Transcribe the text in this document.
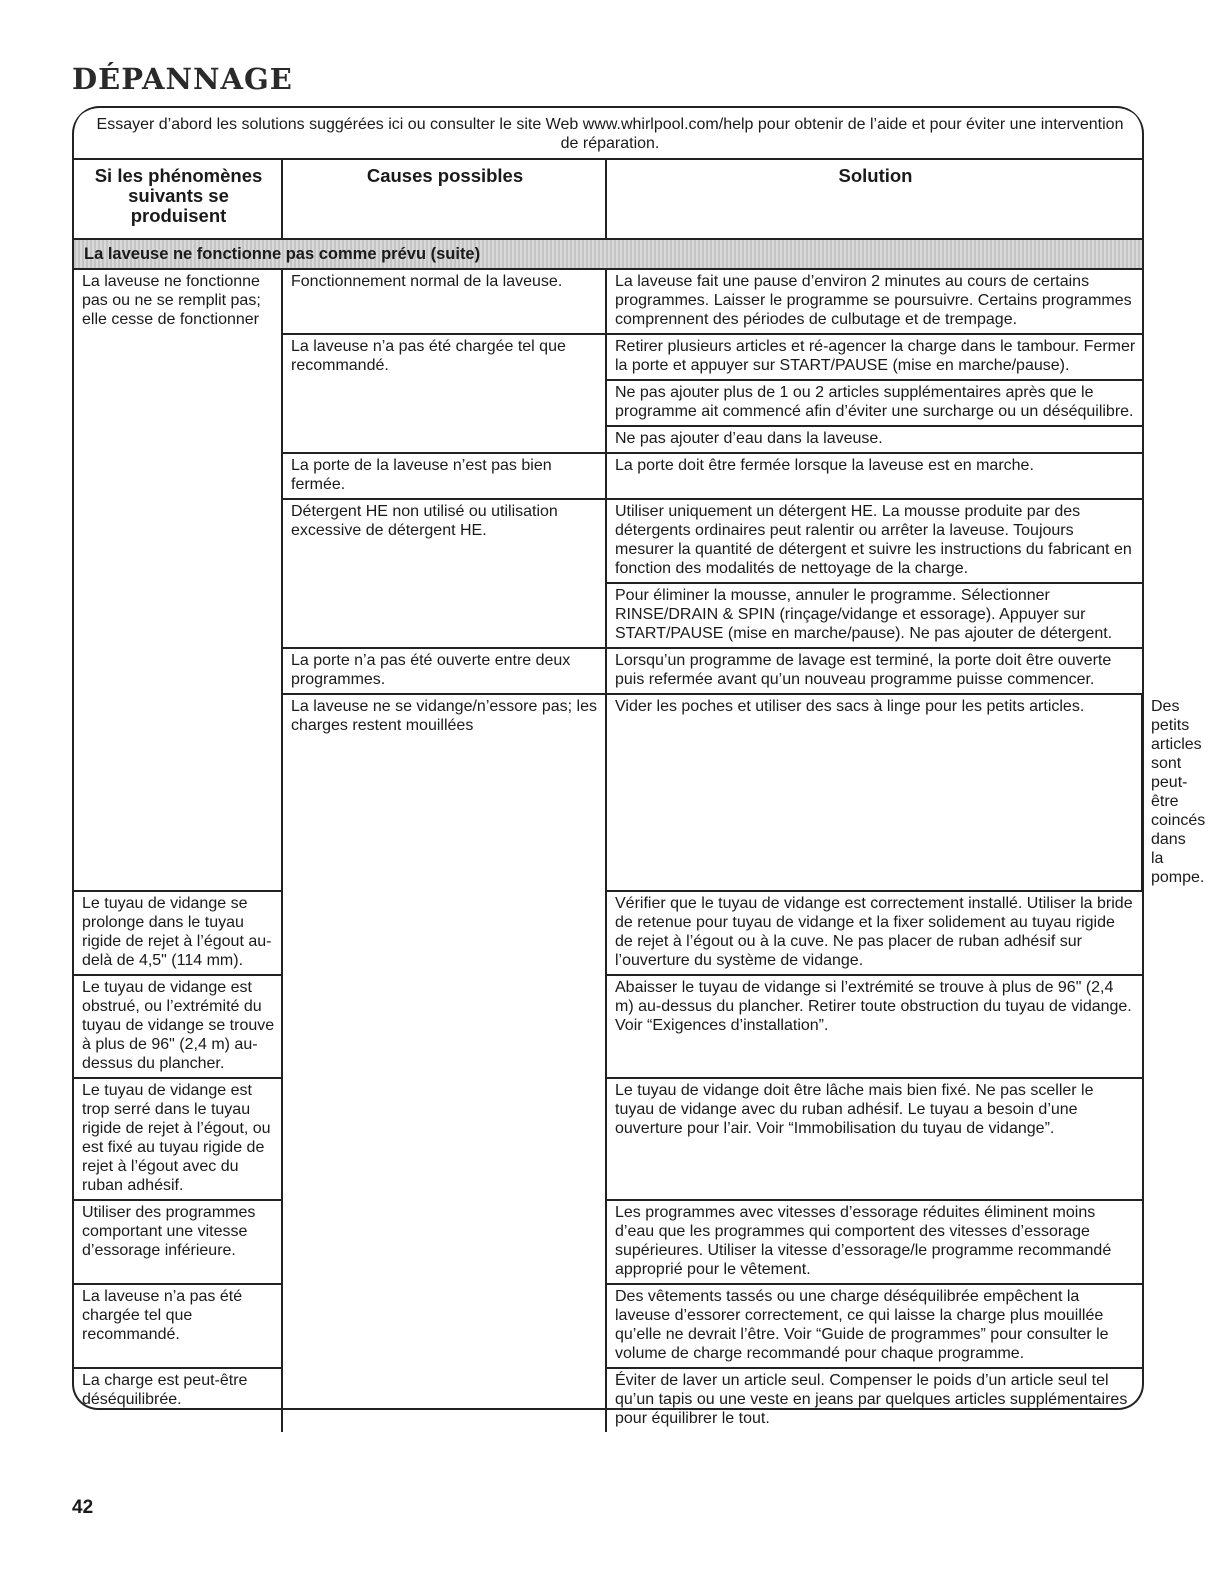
DÉPANNAGE
Essayer d’abord les solutions suggérées ici ou consulter le site Web www.whirlpool.com/help pour obtenir de l’aide et pour éviter une intervention de réparation.
Si les phénomènes suivants se produisent	Causes possibles	Solution	
La laveuse ne fonctionne pas comme prévu (suite)			
La laveuse ne fonctionne pas ou ne se remplit pas; elle cesse de fonctionner	Fonctionnement normal de la laveuse.	La laveuse fait une pause d’environ 2 minutes au cours de certains programmes. Laisser le programme se poursuivre. Certains programmes comprennent des périodes de culbutage et de trempage.	
	La laveuse n’a pas été chargée tel que recommandé.	Retirer plusieurs articles et ré-agencer la charge dans le tambour. Fermer la porte et appuyer sur START/PAUSE (mise en marche/pause).	
		Ne pas ajouter plus de 1 ou 2 articles supplémentaires après que le programme ait commencé afin d’éviter une surcharge ou un déséquilibre.	
		Ne pas ajouter d’eau dans la laveuse.	
	La porte de la laveuse n’est pas bien fermée.	La porte doit être fermée lorsque la laveuse est en marche.	
	Détergent HE non utilisé ou utilisation excessive de détergent HE.	Utiliser uniquement un détergent HE. La mousse produite par des détergents ordinaires peut ralentir ou arrêter la laveuse. Toujours mesurer la quantité de détergent et suivre les instructions du fabricant en fonction des modalités de nettoyage de la charge.	
		Pour éliminer la mousse, annuler le programme. Sélectionner RINSE/DRAIN & SPIN (rinçage/vidange et essorage). Appuyer sur START/PAUSE (mise en marche/pause). Ne pas ajouter de détergent.	
	La porte n’a pas été ouverte entre deux programmes.	Lorsqu’un programme de lavage est terminé, la porte doit être ouverte puis refermée avant qu’un nouveau programme puisse commencer.	
	La laveuse ne se vidange/n’essore pas; les charges restent mouillées	Vider les poches et utiliser des sacs à linge pour les petits articles.	Des petits articles sont peut-être coincés dans la pompe.
Le tuyau de vidange se prolonge dans le tuyau rigide de rejet à l’égout au-delà de 4,5" (114 mm).		Vérifier que le tuyau de vidange est correctement installé. Utiliser la bride de retenue pour tuyau de vidange et la fixer solidement au tuyau rigide de rejet à l’égout ou à la cuve. Ne pas placer de ruban adhésif sur l’ouverture du système de vidange.	
Le tuyau de vidange est obstrué, ou l’extrémité du tuyau de vidange se trouve à plus de 96" (2,4 m) au-dessus du plancher.		Abaisser le tuyau de vidange si l’extrémité se trouve à plus de 96" (2,4 m) au-dessus du plancher. Retirer toute obstruction du tuyau de vidange. Voir “Exigences d’installation”.	
Le tuyau de vidange est trop serré dans le tuyau rigide de rejet à l’égout, ou est fixé au tuyau rigide de rejet à l’égout avec du ruban adhésif.		Le tuyau de vidange doit être lâche mais bien fixé. Ne pas sceller le tuyau de vidange avec du ruban adhésif. Le tuyau a besoin d’une ouverture pour l’air. Voir “Immobilisation du tuyau de vidange”.	
Utiliser des programmes comportant une vitesse d’essorage inférieure.		Les programmes avec vitesses d’essorage réduites éliminent moins d’eau que les programmes qui comportent des vitesses d’essorage supérieures. Utiliser la vitesse d’essorage/le programme recommandé approprié pour le vêtement.	
La laveuse n’a pas été chargée tel que recommandé.		Des vêtements tassés ou une charge déséquilibrée empêchent la laveuse d’essorer correctement, ce qui laisse la charge plus mouillée qu’elle ne devrait l’être. Voir “Guide de programmes” pour consulter le volume de charge recommandé pour chaque programme.	
La charge est peut-être déséquilibrée.		Éviter de laver un article seul. Compenser le poids d’un article seul tel qu’un tapis ou une veste en jeans par quelques articles supplémentaires pour équilibrer le tout.	
42
